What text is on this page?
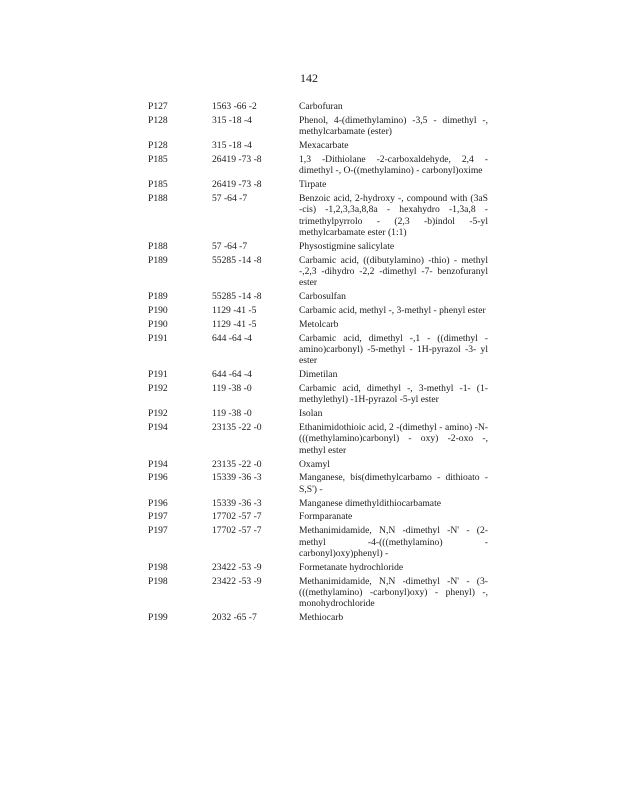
142
P127	1563 -66 -2	Carbofuran
P128	315 -18 -4	Phenol, 4-(dimethylamino) -3,5 - dimethyl -, methylcarbamate (ester)
P128	315 -18 -4	Mexacarbate
P185	26419 -73 -8	1,3 -Dithiolane -2-carboxaldehyde, 2,4 - dimethyl -, O-((methylamino) - carbonyl)oxime
P185	26419 -73 -8	Tirpate
P188	57 -64 -7	Benzoic acid, 2-hydroxy -, compound with (3aS -cis) -1,2,3,3a,8,8a - hexahydro -1,3a,8 -trimethylpyrrolo - (2,3 -b)indol -5-yl methylcarbamate ester (1:1)
P188	57 -64 -7	Physostigmine salicylate
P189	55285 -14 -8	Carbamic acid, ((dibutylamino) -thio) - methyl -,2,3 -dihydro -2,2 -dimethyl -7- benzofuranyl ester
P189	55285 -14 -8	Carbosulfan
P190	1129 -41 -5	Carbamic acid, methyl -, 3-methyl - phenyl ester
P190	1129 -41 -5	Metolcarb
P191	644 -64 -4	Carbamic acid, dimethyl -,1 - ((dimethyl -amino)carbonyl) -5-methyl - 1H-pyrazol -3- yl ester
P191	644 -64 -4	Dimetilan
P192	119 -38 -0	Carbamic acid, dimethyl -, 3-methyl -1- (1-methylethyl) -1H-pyrazol -5-yl ester
P192	119 -38 -0	Isolan
P194	23135 -22 -0	Ethanimidothioic acid, 2 -(dimethyl - amino) -N-(((methylamino)carbonyl) - oxy) -2-oxo -, methyl ester
P194	23135 -22 -0	Oxamyl
P196	15339 -36 -3	Manganese, bis(dimethylcarbamo - dithioato -S,S') -
P196	15339 -36 -3	Manganese dimethyldithiocarbamate
P197	17702 -57 -7	Formparanate
P197	17702 -57 -7	Methanimidamide, N,N -dimethyl -N' - (2-methyl -4-(((methylamino) - carbonyl)oxy)phenyl) -
P198	23422 -53 -9	Formetanate hydrochloride
P198	23422 -53 -9	Methanimidamide, N,N -dimethyl -N' - (3-(((methylamino) -carbonyl)oxy) - phenyl) -, monohydrochloride
P199	2032 -65 -7	Methiocarb
